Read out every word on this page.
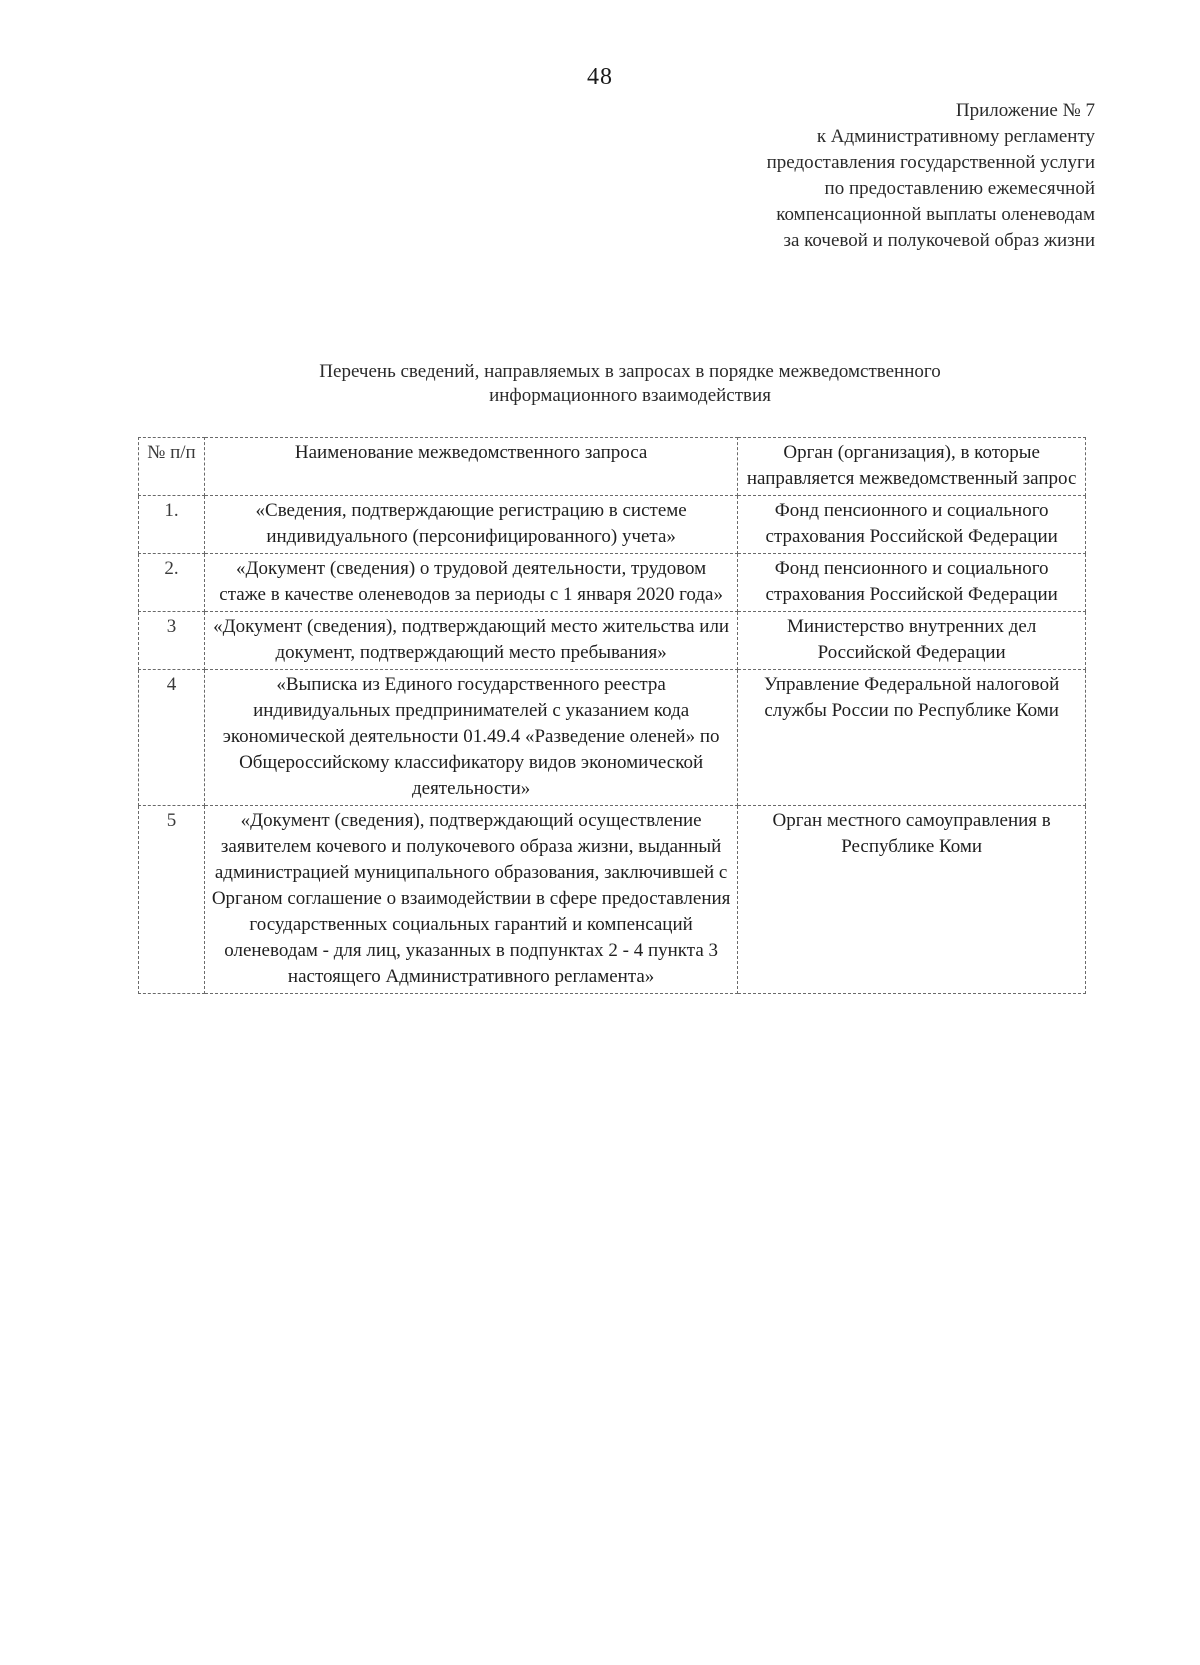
48
Приложение № 7
к Административному регламенту
предоставления государственной услуги
по предоставлению ежемесячной
компенсационной выплаты оленеводам
за кочевой и полукочевой образ жизни
Перечень сведений, направляемых в запросах в порядке межведомственного
информационного взаимодействия
№ п/п	Наименование межведомственного запроса	Орган (организация), в которые направляется межведомственный запрос
1.	«Сведения, подтверждающие регистрацию в системе индивидуального (персонифицированного) учета»	Фонд пенсионного и социального страхования Российской Федерации
2.	«Документ (сведения) о трудовой деятельности, трудовом стаже в качестве оленеводов за периоды с 1 января 2020 года»	Фонд пенсионного и социального страхования Российской Федерации
3	«Документ (сведения), подтверждающий место жительства или документ, подтверждающий место пребывания»	Министерство внутренних дел Российской Федерации
4	«Выписка из Единого государственного реестра индивидуальных предпринимателей с указанием кода экономической деятельности 01.49.4 «Разведение оленей» по Общероссийскому классификатору видов экономической деятельности»	Управление Федеральной налоговой службы России по Республике Коми
5	«Документ (сведения), подтверждающий осуществление заявителем кочевого и полукочевого образа жизни, выданный администрацией муниципального образования, заключившей с Органом соглашение о взаимодействии в сфере предоставления государственных социальных гарантий и компенсаций оленеводам - для лиц, указанных в подпунктах 2 - 4 пункта 3 настоящего Административного регламента»	Орган местного самоуправления в Республике Коми
